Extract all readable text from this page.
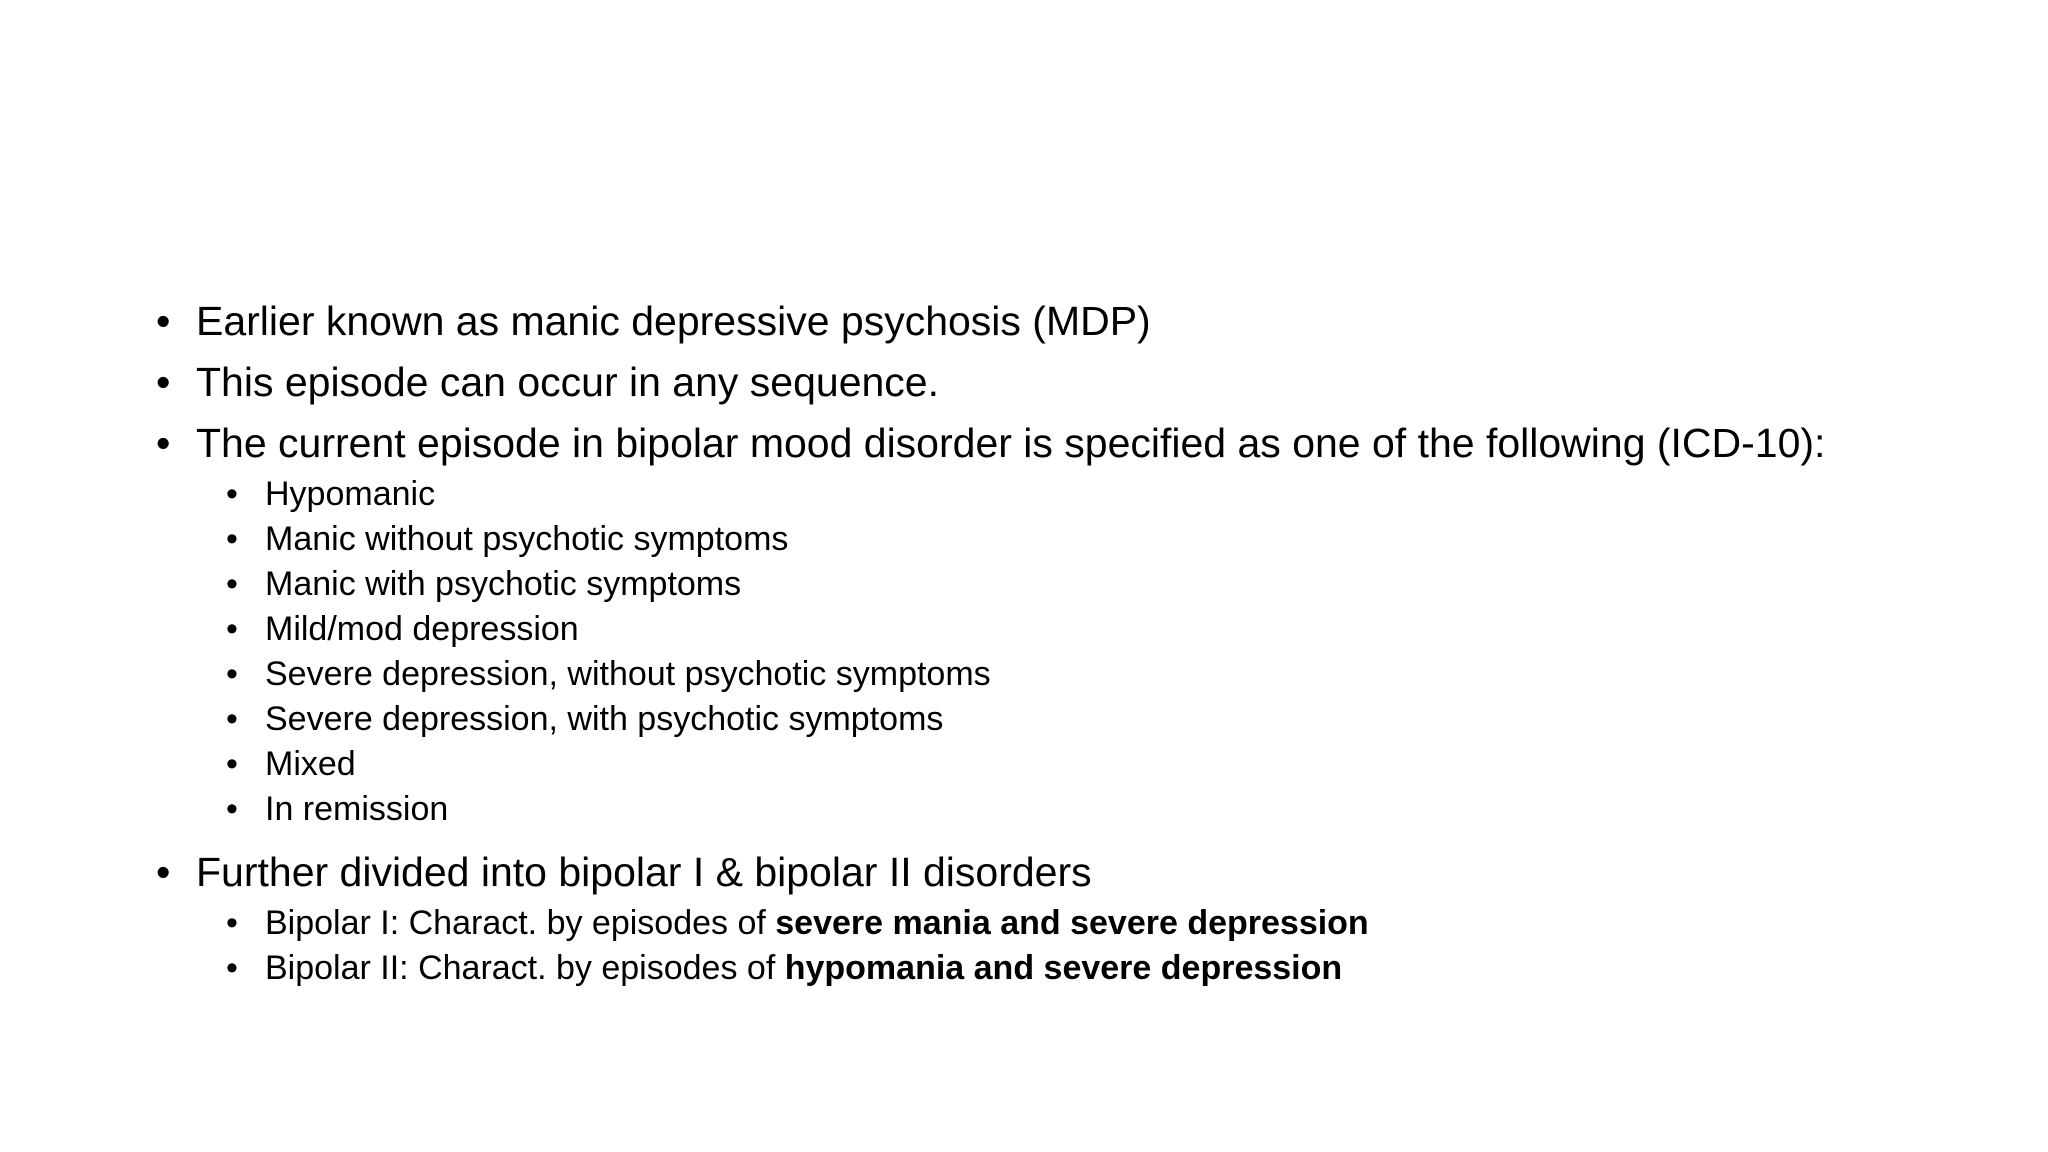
• Earlier known as manic depressive psychosis (MDP)
• This episode can occur in any sequence.
• The current episode in bipolar mood disorder is specified as one of the following (ICD-10):
• Hypomanic
• Manic without psychotic symptoms
• Manic with psychotic symptoms
• Mild/mod depression
• Severe depression, without psychotic symptoms
• Severe depression, with psychotic symptoms
• Mixed
• In remission
• Further divided into bipolar I & bipolar II disorders
• Bipolar I: Charact. by episodes of severe mania and severe depression
• Bipolar II: Charact. by episodes of hypomania and severe depression
